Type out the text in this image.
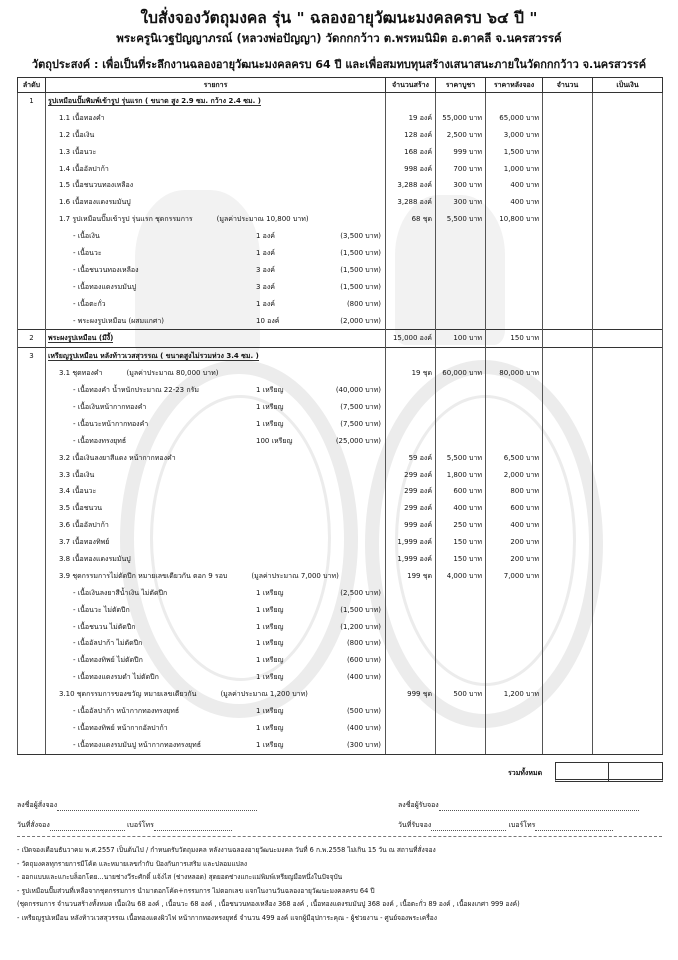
ใบสั่งจองวัตถุมงคล รุ่น " ฉลองอายุวัฒนะมงคลครบ ๖๔ ปี "
พระครูนิเวฐปัญญาภรณ์ (หลวงพ่อปัญญา) วัดกกกว้าว ต.พรหมนิมิต อ.ตาคลี จ.นครสวรรค์
วัตถุประสงค์ : เพื่อเป็นที่ระลึกงานฉลองอายุวัฒนะมงคลครบ 64 ปี และเพื่อสมทบทุนสร้างเสนาสนะภายในวัดกกกว้าว จ.นครสวรรค์
ลำดับ	รายการ	จำนวนสร้าง	ราคาบูชา	ราคาหลังจอง	จำนวน	เป็นเงิน
1	รูปเหมือนปั๊มพิมพ์เข้ารูป รุ่นแรก ( ขนาด สูง 2.9 ซม. กว้าง 2.4 ซม. )					
	1.1 เนื้อทองคำ	19 องค์	55,000 บาท	65,000 บาท		
	1.2 เนื้อเงิน	128 องค์	2,500 บาท	3,000 บาท		
	1.3 เนื้อนวะ	168 องค์	999 บาท	1,500 บาท		
	1.4 เนื้ออัลปาก้า	998 องค์	700 บาท	1,000 บาท		
	1.5 เนื้อชนวนทองเหลือง	3,288 องค์	300 บาท	400 บาท		
	1.6 เนื้อทองแดงรมมันปู	3,288 องค์	300 บาท	400 บาท		
	1.7 รูปเหมือนปั๊มเข้ารูป รุ่นแรก ชุดกรรมการ (มูลค่าประมาณ 10,800 บาท)	68 ชุด	5,500 บาท	10,800 บาท		
	- เนื้อเงิน 1 องค์ (3,500 บาท)					

	- เนื้อนวะ 1 องค์ (1,500 บาท)					

	- เนื้อชนวนทองเหลือง 3 องค์ (1,500 บาท)					

	- เนื้อทองแดงรมมันปู 3 องค์ (1,500 บาท)					

	- เนื้อตะกั่ว 1 องค์ (800 บาท)					

	- พระผงรูปเหมือน (ผสมแกศา) 10 องค์ (2,000 บาท)					

2	พระผงรูปเหมือน (มีงี้)	15,000 องค์	100 บาท	150 บาท		
3	เหรียญรูปเหมือน หลังท้าวเวสสุวรรณ ( ขนาดสูงไม่รวมห่วง 3.4 ซม. )					
	3.1 ชุดทองคำ (มูลค่าประมาณ 80,000 บาท)	19 ชุด	60,000 บาท	80,000 บาท		
	- เนื้อทองคำ น้ำหนักประมาณ 22-23 กรัม 1 เหรียญ (40,000 บาท)					

	- เนื้อเงินหน้ากากทองคำ 1 เหรียญ (7,500 บาท)					

	- เนื้อนวะหน้ากากทองคำ 1 เหรียญ (7,500 บาท)					

	- เนื้อทองทรงยุทธ์ 100 เหรียญ (25,000 บาท)					

	3.2 เนื้อเงินลงยาสีแดง หน้ากากทองคำ	59 องค์	5,500 บาท	6,500 บาท		
	3.3 เนื้อเงิน	299 องค์	1,800 บาท	2,000 บาท		
	3.4 เนื้อนวะ	299 องค์	600 บาท	800 บาท		
	3.5 เนื้อชนวน	299 องค์	400 บาท	600 บาท		
	3.6 เนื้ออัลปาก้า	999 องค์	250 บาท	400 บาท		
	3.7 เนื้อทองทิพย์	1,999 องค์	150 บาท	200 บาท		
	3.8 เนื้อทองแดงรมมันปู	1,999 องค์	150 บาท	200 บาท		
	3.9 ชุดกรรมการไม่ตัดปีก หมายเลขเดียวกัน ตอก 9 รอบ (มูลค่าประมาณ 7,000 บาท)	199 ชุด	4,000 บาท	7,000 บาท		
	- เนื้อเงินลงยาสีน้ำเงิน ไม่ตัดปีก 1 เหรียญ (2,500 บาท)					

	- เนื้อนวะ ไม่ตัดปีก 1 เหรียญ (1,500 บาท)					

	- เนื้อชนวน ไม่ตัดปีก 1 เหรียญ (1,200 บาท)					

	- เนื้ออัลปาก้า ไม่ตัดปีก 1 เหรียญ (800 บาท)					

	- เนื้อทองทิพย์ ไม่ตัดปีก 1 เหรียญ (600 บาท)					

	- เนื้อทองแดงรมดำ ไม่ตัดปีก 1 เหรียญ (400 บาท)					

	3.10 ชุดกรรมการของขวัญ หมายเลขเดียวกัน (มูลค่าประมาณ 1,200 บาท)	999 ชุด	500 บาท	1,200 บาท		
	- เนื้ออัลปาก้า หน้ากากทองทรงยุทธ์ 1 เหรียญ (500 บาท)					

	- เนื้อทองทิพย์ หน้ากากอัลปาก้า 1 เหรียญ (400 บาท)					

	- เนื้อทองแดงรมมันปู หน้ากากทองทรงยุทธ์ 1 เหรียญ (300 บาท)					

รวมทั้งหมด
ลงชื่อผู้สั่งจอง
วันที่สั่งจอง	เบอร์โทร
ลงชื่อผู้รับจอง
วันที่รับจอง	เบอร์โทร
- เปิดจองเดือนธันวาคม พ.ศ.2557 เป็นต้นไป / กำหนดรับวัตถุมงคล หลังงานฉลองอายุวัฒนะมงคล วันที่ 6 ก.พ.2558 ไม่เกิน 15 วัน ณ สถานที่สั่งจอง
- วัตถุมงคลทุกรายการมีโค้ด และหมายเลขกำกับ ป้องกันการเสริม และปลอมแปลง
- ออกแบบและแกะบล็อกโดย...นายช่างวีระศักดิ์ แจ้งไส (ช่างหลอด) สุดยอดช่างแกะแม่พิมพ์เหรียญมือหนึ่งในปัจจุบัน
- รูปเหมือนปั๊มส่วนที่เหลือจากชุดกรรมการ นำมาตอกโค้ด+กรรมการ ไม่ตอกเลข แจกในงานวันฉลองอายุวัฒนะมงคลครบ 64 ปี
(ชุดกรรมการ จำนวนสร้างทั้งหมด เนื้อเงิน 68 องค์ , เนื้อนวะ 68 องค์ , เนื้อชนวนทองเหลือง 368 องค์ , เนื้อทองแดงรมมันปู 368 องค์ , เนื้อตะกั่ว 89 องค์ , เนื้อผงเกศา 999 องค์)
- เหรียญรูปเหมือน หลังท้าวเวสสุวรรณ เนื้อทองแดงผิวไฟ หน้ากากทองทรงยุทธ์ จำนวน 499 องค์ แจกผู้มีอุปการะคุณ - ผู้ช่วยงาน - ศูนย์จองพระเครื่อง
